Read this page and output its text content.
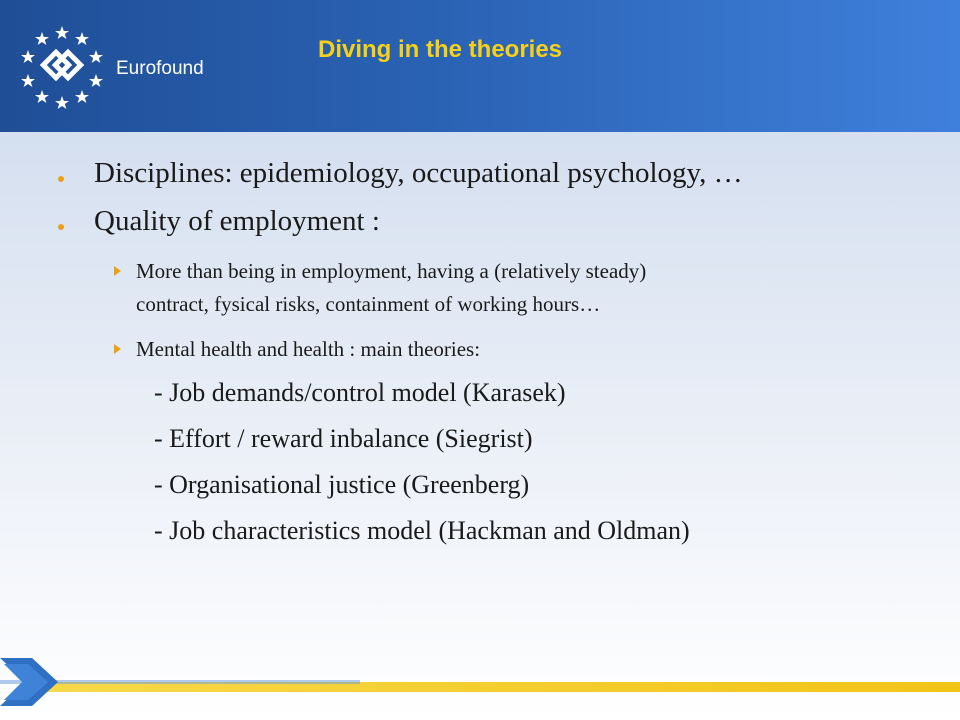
Eurofound
Diving in the theories
Disciplines: epidemiology, occupational psychology, …
Quality of employment :
More than being in employment, having a (relatively steady)
contract, fysical risks, containment of working hours…
Mental health and health : main theories:
- Job demands/control model (Karasek)
- Effort / reward inbalance (Siegrist)
- Organisational justice (Greenberg)
- Job characteristics model (Hackman and Oldman)
